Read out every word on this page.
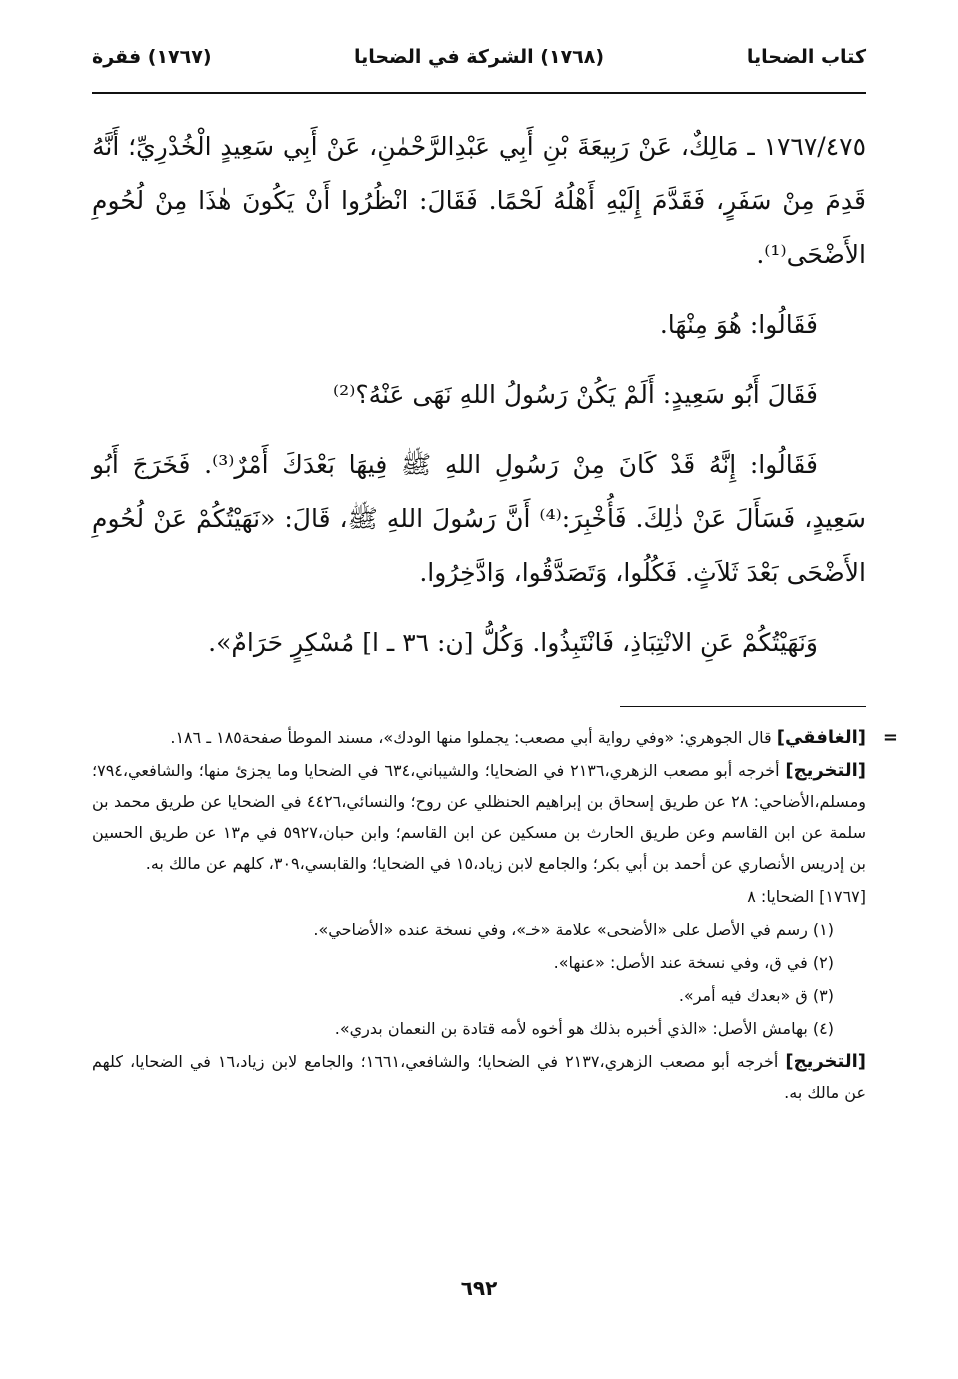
كتاب الضحايا
(١٧٦٨) الشركة في الضحايا
(١٧٦٧) فقرة

١٧٦٧/٤٧٥ ـ مَالِكٌ، عَنْ رَبِيعَةَ بْنِ أَبِي عَبْدِالرَّحْمٰنِ، عَنْ أَبِي سَعِيدٍ الْخُدْرِيِّ؛ أَنَّهُ قَدِمَ مِنْ سَفَرٍ، فَقَدَّمَ إِلَيْهِ أَهْلُهُ لَحْمًا. فَقَالَ: انْظُرُوا أَنْ يَكُونَ هٰذَا مِنْ لُحُومِ الأَضْحَى⁽¹⁾.

فَقَالُوا: هُوَ مِنْهَا.

فَقَالَ أَبُو سَعِيدٍ: أَلَمْ يَكُنْ رَسُولُ اللهِ نَهَى عَنْهُ؟⁽²⁾

فَقَالُوا: إِنَّهُ قَدْ كَانَ مِنْ رَسُولِ اللهِ ﷺ فِيهَا بَعْدَكَ أَمْرٌ⁽³⁾. فَخَرَجَ أَبُو سَعِيدٍ، فَسَأَلَ عَنْ ذٰلِكَ. فَأُخْبِرَ:⁽⁴⁾ أَنَّ رَسُولَ اللهِ ﷺ، قَالَ: «نَهَيْتُكُمْ عَنْ لُحُومِ الأَضْحَى بَعْدَ ثَلاَثٍ. فَكُلُوا، وَتَصَدَّقُوا، وَادَّخِرُوا.

وَنَهَيْتُكُمْ عَنِ الانْتِبَاذِ، فَانْتَبِذُوا. وَكُلُّ [ن: ٣٦ ـ ا] مُسْكِرٍ حَرَامٌ».

=
[الغافقي] قال الجوهري: «وفي رواية أبي مصعب: يجملوا منها الودك»، مسند الموطأ صفحة١٨٥ ـ ١٨٦.

[التخريج] أخرجه أبو مصعب الزهري،٢١٣٦ في الضحايا؛ والشيباني،٦٣٤ في الضحايا وما يجزئ منها؛ والشافعي،٧٩٤؛ ومسلم،الأضاحي: ٢٨ عن طريق إسحاق بن إبراهيم الحنظلي عن روح؛ والنسائي،٤٤٢٦ في الضحايا عن طريق محمد بن سلمة عن ابن القاسم وعن طريق الحارث بن مسكين عن ابن القاسم؛ وابن حبان،٥٩٢٧ في م١٣ عن طريق الحسين بن إدريس الأنصاري عن أحمد بن أبي بكر؛ والجامع لابن زياد،١٥ في الضحايا؛ والقابسي،٣٠٩، كلهم عن مالك به.

[١٧٦٧] الضحايا: ٨

(١) رسم في الأصل على «الأضحى» علامة «خـ»، وفي نسخة عنده «الأضاحي».

(٢) في ق، وفي نسخة عند الأصل: «عنها».

(٣) ق «بعدك فيه أمر».

(٤) بهامش الأصل: «الذي أخبره بذلك هو أخوه لأمه قتادة بن النعمان بدري».

[التخريج] أخرجه أبو مصعب الزهري،٢١٣٧ في الضحايا؛ والشافعي،١٦٦١؛ والجامع لابن زياد،١٦ في الضحايا، كلهم عن مالك به.

٦٩٢
